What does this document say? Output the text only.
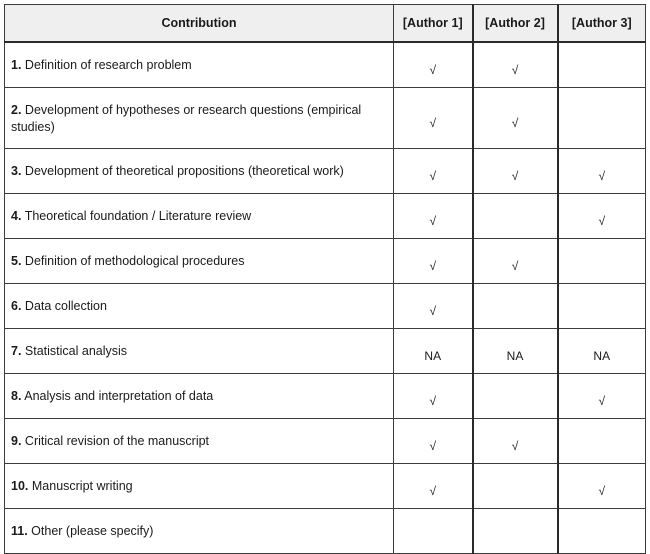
Contribution	[Author 1]	[Author 2]	[Author 3]
1. Definition of research problem	√	√	
2. Development of hypotheses or research questions (empirical studies)	√	√	
3. Development of theoretical propositions (theoretical work)	√	√	√
4. Theoretical foundation / Literature review	√		√
5. Definition of methodological procedures	√	√	
6. Data collection	√		
7. Statistical analysis	NA	NA	NA
8. Analysis and interpretation of data	√		√
9. Critical revision of the manuscript	√	√	
10. Manuscript writing	√		√
11. Other (please specify)			
